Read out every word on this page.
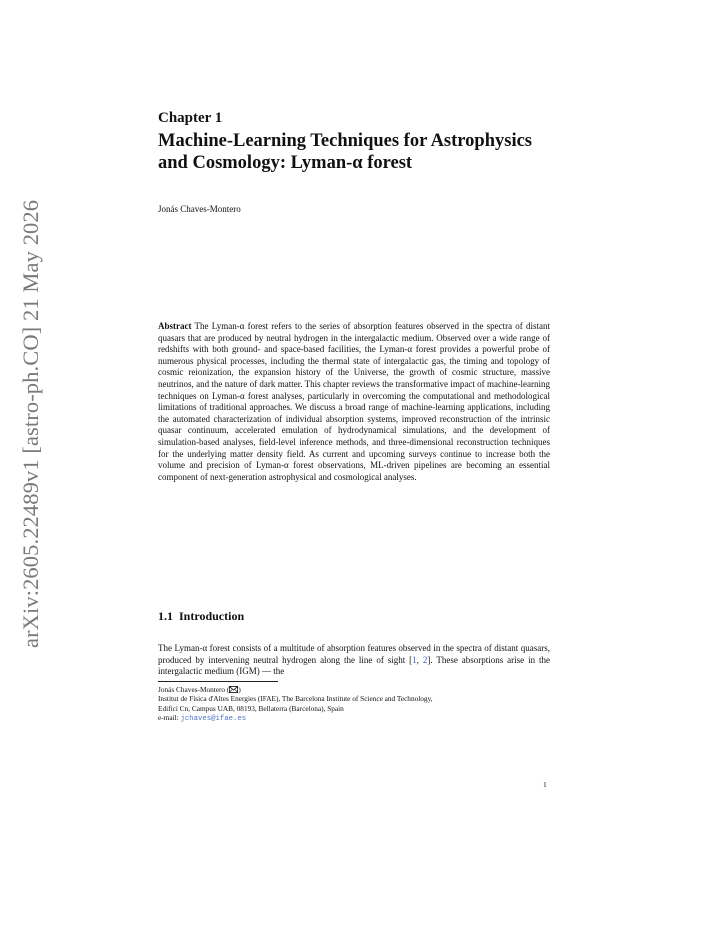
arXiv:2605.22489v1 [astro-ph.CO] 21 May 2026

Chapter 1

Machine-Learning Techniques for Astrophysics
and Cosmology: Lyman-α forest
Jonás Chaves-Montero

Abstract The Lyman-α forest refers to the series of absorption features observed in the spectra of distant quasars that are produced by neutral hydrogen in the intergalactic medium. Observed over a wide range of redshifts with both ground- and space-based facilities, the Lyman-α forest provides a powerful probe of numerous physical processes, including the thermal state of intergalactic gas, the timing and topology of cosmic reionization, the expansion history of the Universe, the growth of cosmic structure, massive neutrinos, and the nature of dark matter. This chapter reviews the transformative impact of machine-learning techniques on Lyman-α forest analyses, particularly in overcoming the computational and methodological limitations of traditional approaches. We discuss a broad range of machine-learning applications, including the automated characterization of individual absorption systems, improved reconstruction of the intrinsic quasar continuum, accelerated emulation of hydrodynamical simulations, and the development of simulation-based analyses, field-level inference methods, and three-dimensional reconstruction techniques for the underlying matter density field. As current and upcoming surveys continue to increase both the volume and precision of Lyman-α forest observations, ML-driven pipelines are becoming an essential component of next-generation astrophysical and cosmological analyses.

1.1 Introduction

The Lyman-α forest consists of a multitude of absorption features observed in the spectra of distant quasars, produced by intervening neutral hydrogen along the line of sight [1, 2]. These absorptions arise in the intergalactic medium (IGM) — the

Jonás Chaves-Montero ( )
Institut de Física d'Altes Energies (IFAE), The Barcelona Institute of Science and Technology,
Edifici Cn, Campus UAB, 08193, Bellaterra (Barcelona), Spain
e-mail: jchaves@ifae.es
1
